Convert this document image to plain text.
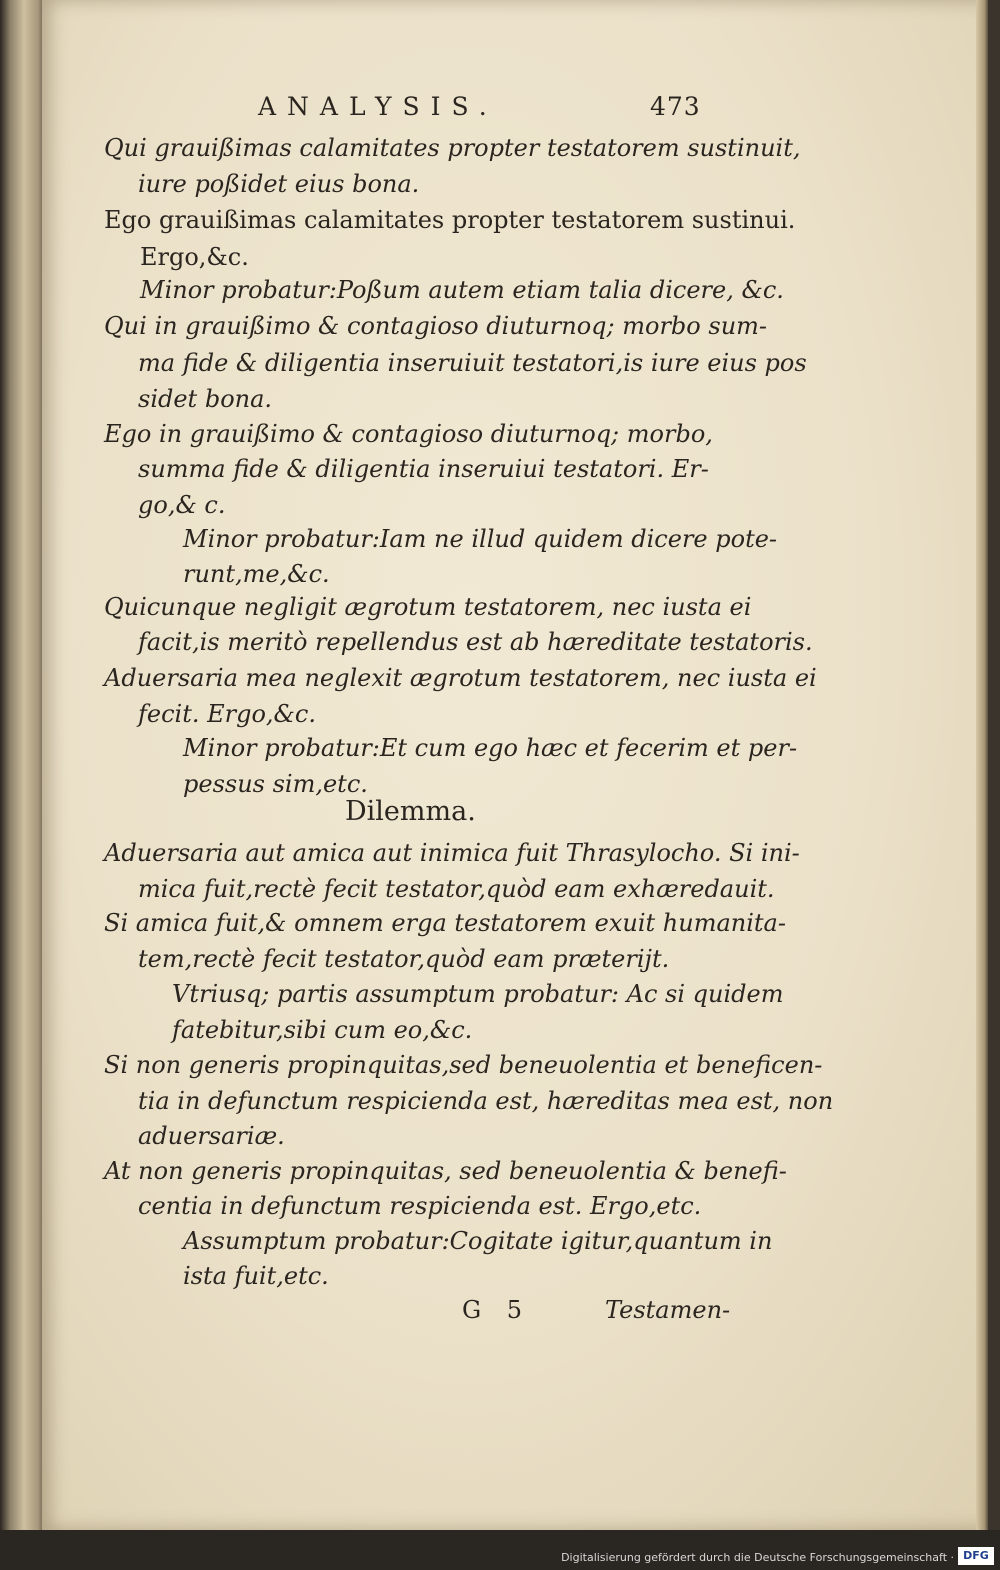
ANALYSIS.	473
Qui grauißimas calamitates propter testatorem sustinuit,
iure poßidet eius bona.
Ego grauißimas calamitates propter testatorem sustinui.
Ergo,&c.
Minor probatur:Poßum autem etiam talia dicere, &c.
Qui in grauißimo & contagioso diuturnoq; morbo sum-
ma fide & diligentia inseruiuit testatori,is iure eius pos
sidet bona.
Ego in grauißimo & contagioso diuturnoq; morbo,
summa fide & diligentia inseruiui testatori. Er-
go,& c.
Minor probatur:Iam ne illud quidem dicere pote-
runt,me,&c.
Quicunque negligit ægrotum testatorem, nec iusta ei
facit,is meritò repellendus est ab hæreditate testatoris.
Aduersaria mea neglexit ægrotum testatorem, nec iusta ei
fecit. Ergo,&c.
Minor probatur:Et cum ego hæc et fecerim et per-
pessus sim,etc.
Dilemma.
Aduersaria aut amica aut inimica fuit Thrasylocho. Si ini-
mica fuit,rectè fecit testator,quòd eam exhæredauit.
Si amica fuit,& omnem erga testatorem exuit humanita-
tem,rectè fecit testator,quòd eam præterijt.
Vtriusq; partis assumptum probatur: Ac si quidem
fatebitur,sibi cum eo,&c.
Si non generis propinquitas,sed beneuolentia et beneficen-
tia in defunctum respicienda est, hæreditas mea est, non
aduersariæ.
At non generis propinquitas, sed beneuolentia & benefi-
centia in defunctum respicienda est. Ergo,etc.
Assumptum probatur:Cogitate igitur,quantum in
ista fuit,etc.
G 5	Testamen-
Digitalisierung gefördert durch die Deutsche Forschungsgemeinschaft · DFG
